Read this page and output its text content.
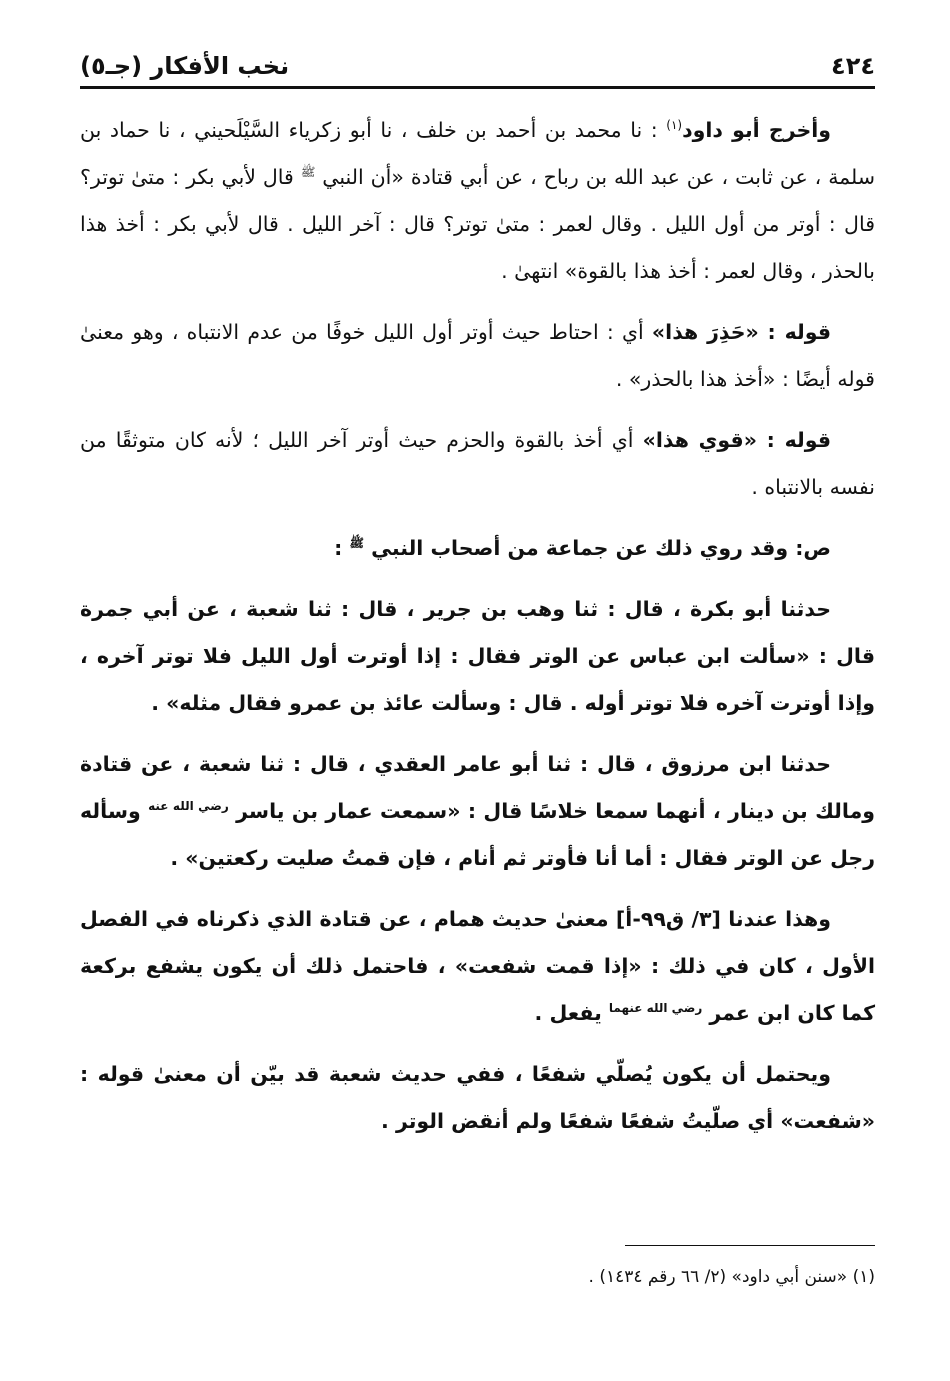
٤٢٤
نخب الأفكار (جـ٥)

وأخرج أبو داود$^{(١)}$ : نا محمد بن أحمد بن خلف ، نا أبو زكرياء السَّيْلَحيني ، نا حماد بن سلمة ، عن ثابت ، عن عبد الله بن رباح ، عن أبي قتادة «أن النبي $^ﷺ$ قال لأبي بكر : متىٰ توتر؟ قال : أوتر من أول الليل . وقال لعمر : متىٰ توتر؟ قال : آخر الليل . قال لأبي بكر : أخذ هذا بالحذر ، وقال لعمر : أخذ هذا بالقوة» انتهىٰ .

قوله : «حَذِرَ هذا» أي : احتاط حيث أوتر أول الليل خوفًا من عدم الانتباه ، وهو معنىٰ قوله أيضًا : «أخذ هذا بالحذر» .

قوله : «قوي هذا» أي أخذ بالقوة والحزم حيث أوتر آخر الليل ؛ لأنه كان متوثقًا من نفسه بالانتباه .

ص: وقد روي ذلك عن جماعة من أصحاب النبي $^ﷺ$ :

حدثنا أبو بكرة ، قال : ثنا وهب بن جرير ، قال : ثنا شعبة ، عن أبي جمرة قال : «سألت ابن عباس عن الوتر فقال : إذا أوترت أول الليل فلا توتر آخره ، وإذا أوترت آخره فلا توتر أوله . قال : وسألت عائذ بن عمرو فقال مثله» .

حدثنا ابن مرزوق ، قال : ثنا أبو عامر العقدي ، قال : ثنا شعبة ، عن قتادة ومالك بن دينار ، أنهما سمعا خلاسًا قال : «سمعت عمار بن ياسر $^{رضي الله عنه}$ وسأله رجل عن الوتر فقال : أما أنا فأوتر ثم أنام ، فإن قمتُ صليت ركعتين» .

وهذا عندنا [٣/ ق٩٩-أ] معنىٰ حديث همام ، عن قتادة الذي ذكرناه في الفصل الأول ، كان في ذلك : «إذا قمت شفعت» ، فاحتمل ذلك أن يكون يشفع بركعة كما كان ابن عمر $^{رضي الله عنهما}$ يفعل .

ويحتمل أن يكون يُصلّي شفعًا ، ففي حديث شعبة قد بيّن أن معنىٰ قوله : «شفعت» أي صلّيتُ شفعًا شفعًا ولم أنقض الوتر .

(١) «سنن أبي داود» (٢/ ٦٦ رقم ١٤٣٤) .
